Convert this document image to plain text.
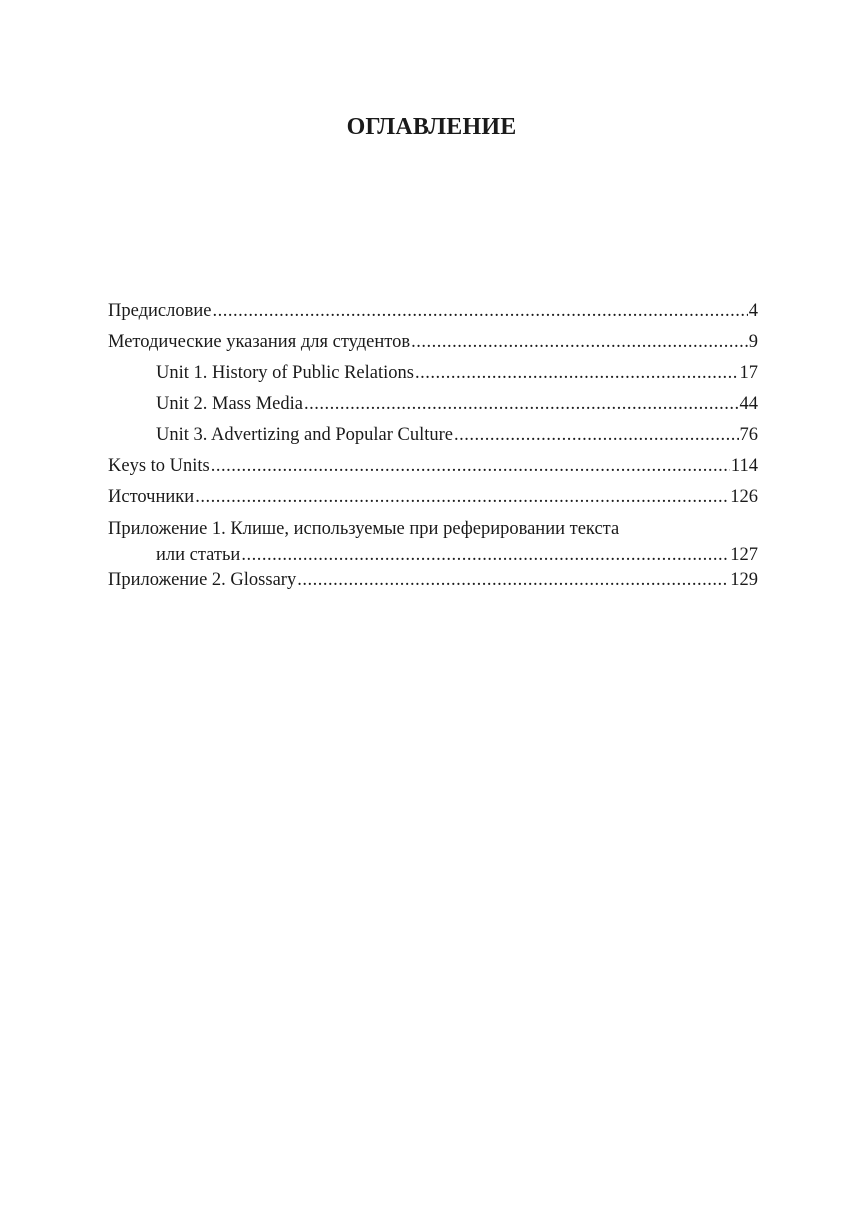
ОГЛАВЛЕНИЕ
Предисловие .....	4
Методические указания для студентов .....	9
Unit 1. History of Public Relations .....	17
Unit 2. Mass Media .....	44
Unit 3. Advertizing and Popular Culture .....	76
Keys to Units .....	114
Источники .....	126
Приложение 1. Клише, используемые при реферировании текста
или статьи .....	127
Приложение 2. Glossary .....	129
